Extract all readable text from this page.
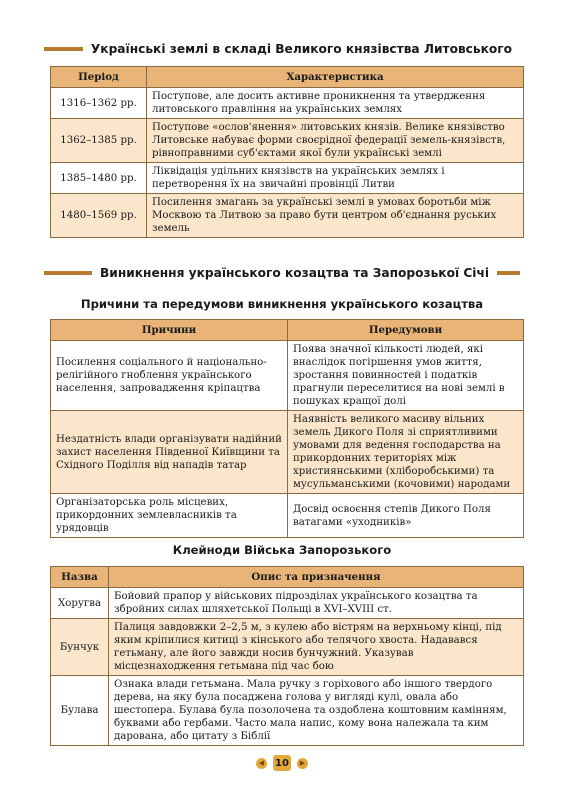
Українські землі в складі Великого князівства Литовського
Період	Характеристика
1316–1362 рр.	Поступове, але досить активне проникнення та утвердження литовського правління на українських землях
1362–1385 рр.	Поступове «ослов'янення» литовських князів. Велике князівство Литовське набуває форми своєрідної федерації земель-князівств, рівноправними суб'єктами якої були українські землі
1385–1480 рр.	Ліквідація удільних князівств на українських землях і перетворення їх на звичайні провінції Литви
1480–1569 рр.	Посилення змагань за українські землі в умовах боротьби між Москвою та Литвою за право бути центром об'єднання руських земель
Виникнення українського козацтва та Запорозької Січі
Причини та передумови виникнення українського козацтва
Причини	Передумови
Посилення соціального й національно-релігійного гноблення українського населення, запровадження кріпацтва	Поява значної кількості людей, які внаслідок погіршення умов життя, зростання повинностей і податків прагнули переселитися на нові землі в пошуках кращої долі
Нездатність влади організувати надійний захист населення Південної Київщини та Східного Поділля від нападів татар	Наявність великого масиву вільних земель Дикого Поля зі сприятливими умовами для ведення господарства на прикордонних територіях між християнськими (хліборобськими) та мусульманськими (кочовими) народами
Організаторська роль місцевих, прикордонних землевласників та урядовців	Досвід освоєння степів Дикого Поля ватагами «уходників»
Клейноди Війська Запорозького
Назва	Опис та призначення
Хоругва	Бойовий прапор у військових підрозділах українського козацтва та збройних силах шляхетської Польщі в XVI–XVIII ст.
Бунчук	Палиця завдовжки 2–2,5 м, з кулею або вістрям на верхньому кінці, під яким кріпилися китиці з кінського або телячого хвоста. Надавався гетьману, але його завжди носив бунчужний. Указував місцезнаходження гетьмана під час бою
Булава	Ознака влади гетьмана. Мала ручку з горіхового або іншого твердого дерева, на яку була посаджена голова у вигляді кулі, овала або шестопера. Булава була позолочена та оздоблена коштовним камінням, буквами або гербами. Часто мала напис, кому вона належала та ким дарована, або цитату з Біблії
◀ 10	▶
